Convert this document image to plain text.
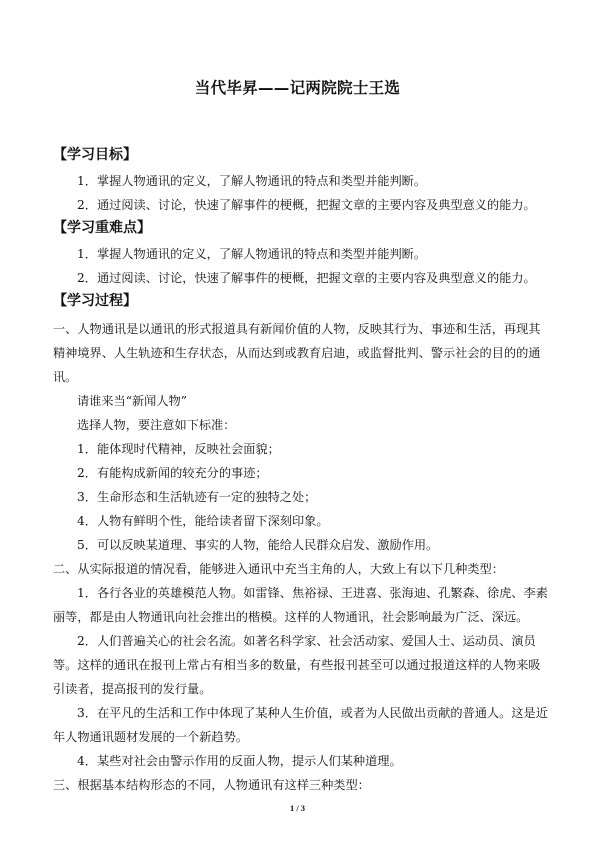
当代毕昇——记两院院士王选
【学习目标】
1．掌握人物通讯的定义，了解人物通讯的特点和类型并能判断。
2．通过阅读、讨论，快速了解事件的梗概，把握文章的主要内容及典型意义的能力。
【学习重难点】
1．掌握人物通讯的定义，了解人物通讯的特点和类型并能判断。
2．通过阅读、讨论，快速了解事件的梗概，把握文章的主要内容及典型意义的能力。
【学习过程】
一、人物通讯是以通讯的形式报道具有新闻价值的人物，反映其行为、事迹和生活，再现其
精神境界、人生轨迹和生存状态，从而达到或教育启迪，或监督批判、警示社会的目的的通
讯。
请谁来当“新闻人物”
选择人物，要注意如下标准：
1．能体现时代精神，反映社会面貌；
2．有能构成新闻的较充分的事迹；
3．生命形态和生活轨迹有一定的独特之处；
4．人物有鲜明个性，能给读者留下深刻印象。
5．可以反映某道理、事实的人物，能给人民群众启发、激励作用。
二、从实际报道的情况看，能够进入通讯中充当主角的人，大致上有以下几种类型：
1．各行各业的英雄模范人物。如雷锋、焦裕禄、王进喜、张海迪、孔繁森、徐虎、李素
丽等，都是由人物通讯向社会推出的楷模。这样的人物通讯，社会影响最为广泛、深远。
2．人们普遍关心的社会名流。如著名科学家、社会活动家、爱国人士、运动员、演员
等。这样的通讯在报刊上常占有相当多的数量，有些报刊甚至可以通过报道这样的人物来吸
引读者，提高报刊的发行量。
3．在平凡的生活和工作中体现了某种人生价值，或者为人民做出贡献的普通人。这是近
年人物通讯题材发展的一个新趋势。
4．某些对社会由警示作用的反面人物，提示人们某种道理。
三、根据基本结构形态的不同，人物通讯有这样三种类型：
1 / 3
